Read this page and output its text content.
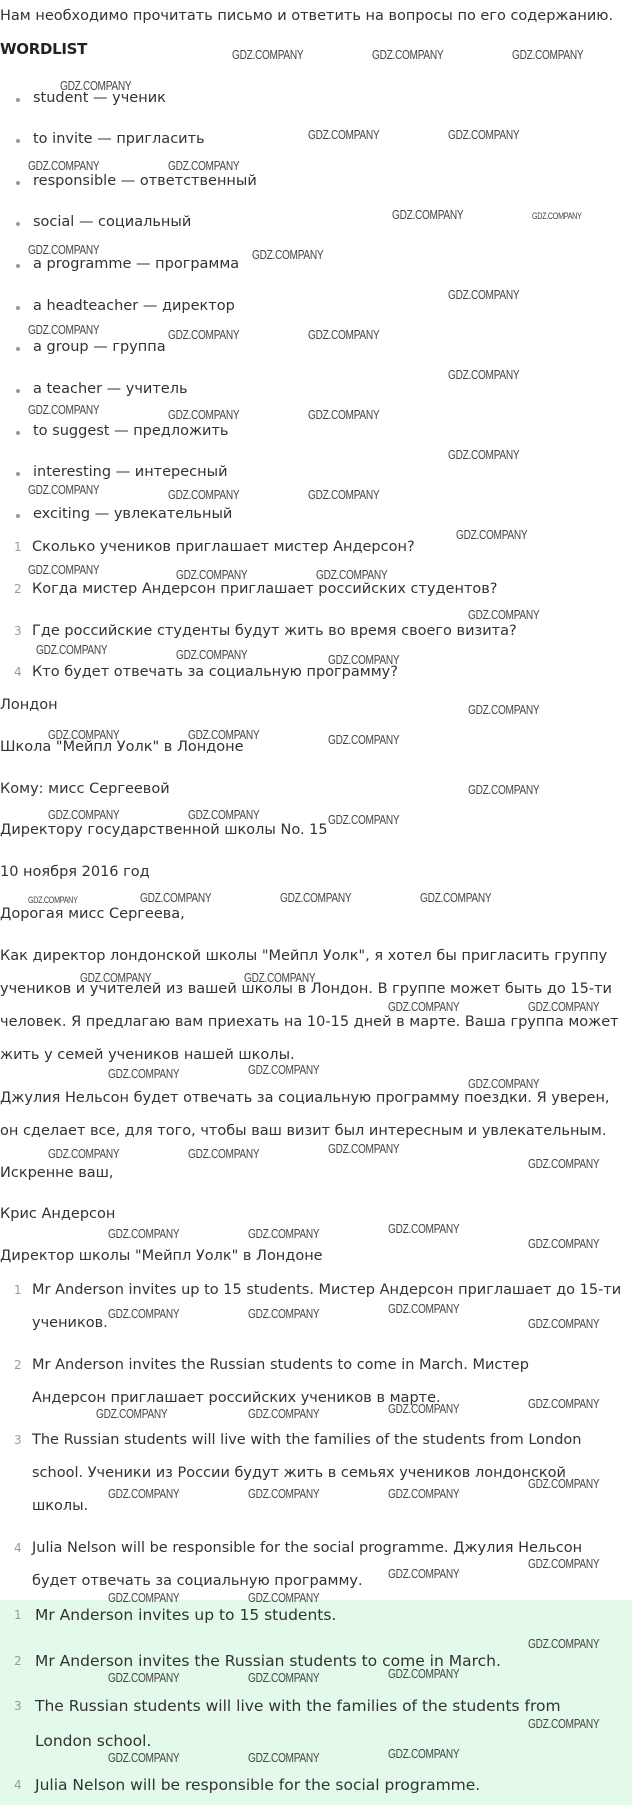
Нам необходимо прочитать письмо и ответить на вопросы по его содержанию.
WORDLIST
student — ученик
to invite — пригласить
responsible — ответственный
social — социальный
a programme — программа
a headteacher — директор
a group — группа
a teacher — учитель
to suggest — предложить
interesting — интересный
exciting — увлекательный
1 Сколько учеников приглашает мистер Андерсон?
2 Когда мистер Андерсон приглашает российских студентов?
3 Где российские студенты будут жить во время своего визита?
4 Кто будет отвечать за социальную программу?
Лондон
Школа "Мейпл Уолк" в Лондоне
Кому: мисс Сергеевой
Директору государственной школы No. 15
10 ноября 2016 год
Дорогая мисс Сергеева,
Как директор лондонской школы "Мейпл Уолк", я хотел бы пригласить группу
учеников и учителей из вашей школы в Лондон. В группе может быть до 15-ти
человек. Я предлагаю вам приехать на 10-15 дней в марте. Ваша группа может
жить у семей учеников нашей школы.
Джулия Нельсон будет отвечать за социальную программу поездки. Я уверен,
он сделает все, для того, чтобы ваш визит был интересным и увлекательным.
Искренне ваш,
Крис Андерсон
Директор школы "Мейпл Уолк" в Лондоне
1 Mr Anderson invites up to 15 students. Мистер Андерсон приглашает до 15-ти
учеников.
2 Mr Anderson invites the Russian students to come in March. Мистер
Андерсон приглашает российских учеников в марте.
3 The Russian students will live with the families of the students from London
school. Ученики из России будут жить в семьях учеников лондонской
школы.
4 Julia Nelson will be responsible for the social programme. Джулия Нельсон
будет отвечать за социальную программу.
1 Mr Anderson invites up to 15 students.
2 Mr Anderson invites the Russian students to come in March.
3 The Russian students will live with the families of the students from
London school.
4 Julia Nelson will be responsible for the social programme.
GDZ.COMPANY	GDZ.COMPANY	GDZ.COMPANY
GDZ.COMPANY
GDZ.COMPANY	GDZ.COMPANY
GDZ.COMPANY	GDZ.COMPANY
GDZ.COMPANY	GDZ.COMPANY
GDZ.COMPANY	GDZ.COMPANY
GDZ.COMPANY
GDZ.COMPANY	GDZ.COMPANY	GDZ.COMPANY
GDZ.COMPANY
GDZ.COMPANY	GDZ.COMPANY	GDZ.COMPANY
GDZ.COMPANY
GDZ.COMPANY	GDZ.COMPANY	GDZ.COMPANY
GDZ.COMPANY
GDZ.COMPANY	GDZ.COMPANY	GDZ.COMPANY
GDZ.COMPANY
GDZ.COMPANY	GDZ.COMPANY	GDZ.COMPANY
GDZ.COMPANY
GDZ.COMPANY	GDZ.COMPANY	GDZ.COMPANY
GDZ.COMPANY
GDZ.COMPANY	GDZ.COMPANY	GDZ.COMPANY
GDZ.COMPANY	GDZ.COMPANY	GDZ.COMPANY	GDZ.COMPANY
GDZ.COMPANY	GDZ.COMPANY
GDZ.COMPANY	GDZ.COMPANY
GDZ.COMPANY	GDZ.COMPANY
GDZ.COMPANY
GDZ.COMPANY	GDZ.COMPANY	GDZ.COMPANY
GDZ.COMPANY
GDZ.COMPANY	GDZ.COMPANY	GDZ.COMPANY
GDZ.COMPANY
GDZ.COMPANY	GDZ.COMPANY	GDZ.COMPANY
GDZ.COMPANY
GDZ.COMPANY	GDZ.COMPANY	GDZ.COMPANY	GDZ.COMPANY
GDZ.COMPANY	GDZ.COMPANY	GDZ.COMPANY
GDZ.COMPANY
GDZ.COMPANY
GDZ.COMPANY
GDZ.COMPANY	GDZ.COMPANY
GDZ.COMPANY
GDZ.COMPANY	GDZ.COMPANY	GDZ.COMPANY
GDZ.COMPANY
GDZ.COMPANY	GDZ.COMPANY	GDZ.COMPANY
